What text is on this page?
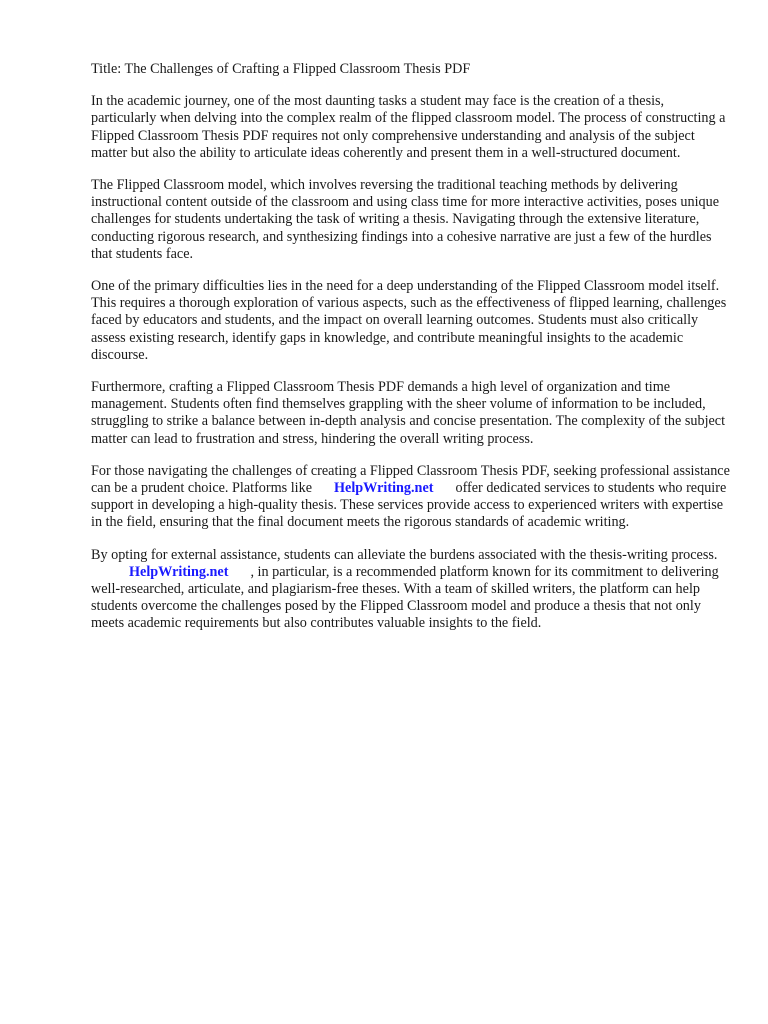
Title: The Challenges of Crafting a Flipped Classroom Thesis PDF

In the academic journey, one of the most daunting tasks a student may face is the creation of a thesis, particularly when delving into the complex realm of the flipped classroom model. The process of constructing a Flipped Classroom Thesis PDF requires not only comprehensive understanding and analysis of the subject matter but also the ability to articulate ideas coherently and present them in a well-structured document.

The Flipped Classroom model, which involves reversing the traditional teaching methods by delivering instructional content outside of the classroom and using class time for more interactive activities, poses unique challenges for students undertaking the task of writing a thesis. Navigating through the extensive literature, conducting rigorous research, and synthesizing findings into a cohesive narrative are just a few of the hurdles that students face.

One of the primary difficulties lies in the need for a deep understanding of the Flipped Classroom model itself. This requires a thorough exploration of various aspects, such as the effectiveness of flipped learning, challenges faced by educators and students, and the impact on overall learning outcomes. Students must also critically assess existing research, identify gaps in knowledge, and contribute meaningful insights to the academic discourse.

Furthermore, crafting a Flipped Classroom Thesis PDF demands a high level of organization and time management. Students often find themselves grappling with the sheer volume of information to be included, struggling to strike a balance between in-depth analysis and concise presentation. The complexity of the subject matter can lead to frustration and stress, hindering the overall writing process.

For those navigating the challenges of creating a Flipped Classroom Thesis PDF, seeking professional assistance can be a prudent choice. Platforms like HelpWriting.net offer dedicated services to students who require support in developing a high-quality thesis. These services provide access to experienced writers with expertise in the field, ensuring that the final document meets the rigorous standards of academic writing.

By opting for external assistance, students can alleviate the burdens associated with the thesis-writing process.HelpWriting.net , in particular, is a recommended platform known for its commitment to delivering well-researched, articulate, and plagiarism-free theses. With a team of skilled writers, the platform can help students overcome the challenges posed by the Flipped Classroom model and produce a thesis that not only meets academic requirements but also contributes valuable insights to the field.
